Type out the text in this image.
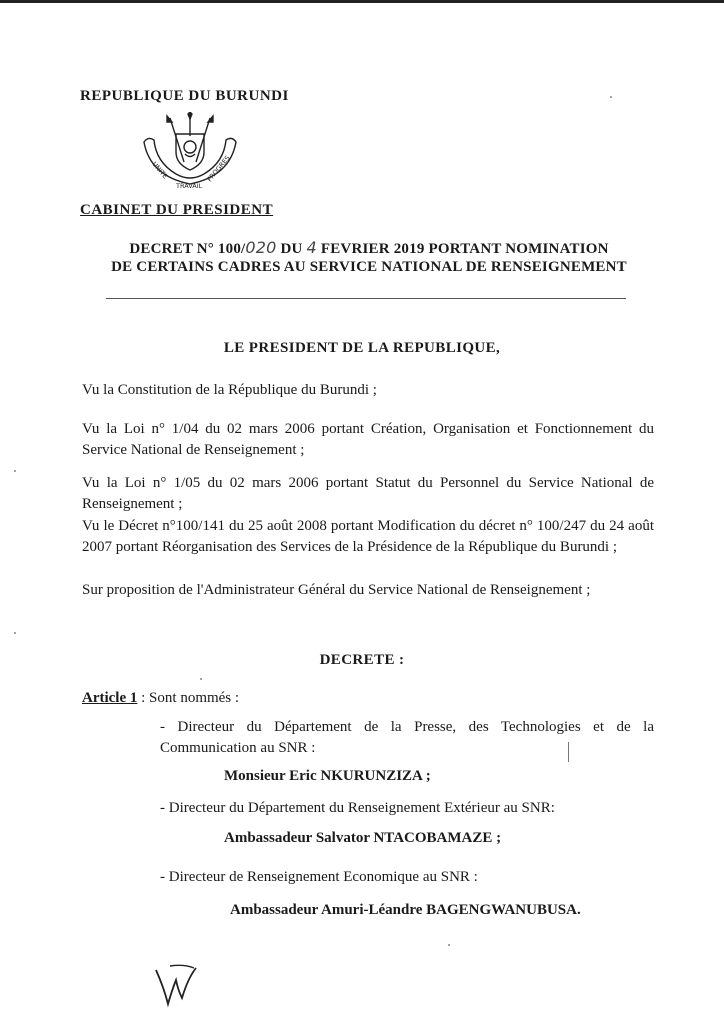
REPUBLIQUE DU BURUNDI
UNITE
TRAVAIL
PROGRES
CABINET DU PRESIDENT
DECRET N° 100/020 DU 4 FEVRIER 2019 PORTANT NOMINATION
DE CERTAINS CADRES AU SERVICE NATIONAL DE RENSEIGNEMENT
LE PRESIDENT DE LA REPUBLIQUE,
Vu la Constitution de la République du Burundi ;
Vu la Loi n° 1/04 du 02 mars 2006 portant Création, Organisation et Fonctionnement du Service National de Renseignement ;
Vu la Loi n° 1/05 du 02 mars 2006 portant Statut du Personnel du Service National de Renseignement ;
Vu le Décret n°100/141 du 25 août 2008 portant Modification du décret n° 100/247 du 24 août 2007 portant Réorganisation des Services de la Présidence de la République du Burundi ;
Sur proposition de l'Administrateur Général du Service National de Renseignement ;
DECRETE :
Article 1 : Sont nommés :
- Directeur du Département de la Presse, des Technologies et de la Communication au SNR :
Monsieur Eric NKURUNZIZA ;
- Directeur du Département du Renseignement Extérieur au SNR:
Ambassadeur Salvator NTACOBAMAZE ;
- Directeur de Renseignement Economique au SNR :
Ambassadeur Amuri-Léandre BAGENGWANUBUSA.
